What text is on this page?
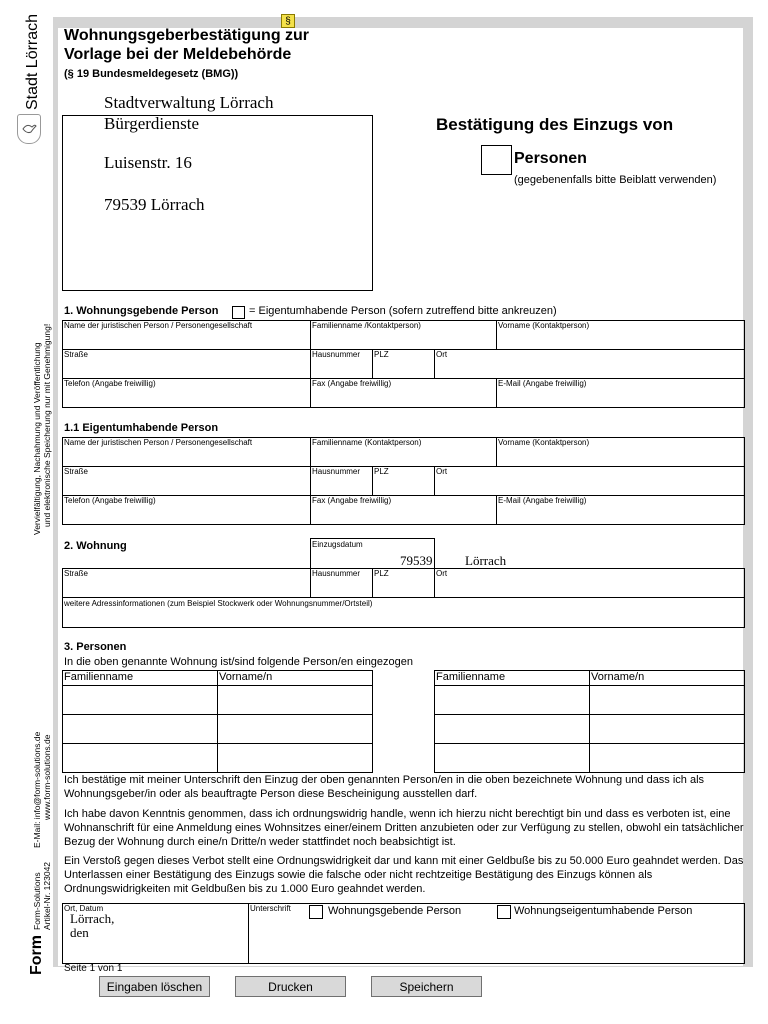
Stadt Lörrach
Vervielfältigung, Nachahmung und Veröffentlichung und elektronische Speicherung nur mit Genehmigung!
Form-Solutions Artikel-Nr. 123042
E-Mail: info@form-solutions.de www.form-solutions.de
Form
§
Wohnungsgeberbestätigung zur
Vorlage bei der Meldebehörde
(§ 19 Bundesmeldegesetz (BMG))
Stadtverwaltung Lörrach
Bürgerdienste
Luisenstr. 16
79539 Lörrach
Bestätigung des Einzugs von
Personen
(gegebenenfalls bitte Beiblatt verwenden)
1. Wohnungsgebende Person	= Eigentumhabende Person (sofern zutreffend bitte ankreuzen)
Name der juristischen Person / Personengesellschaft	Familienname /Kontaktperson)	Vorname (Kontaktperson)
Straße	Hausnummer PLZ	Ort
Telefon (Angabe freiwillig)	Fax (Angabe freiwillig)	E-Mail (Angabe freiwillig)
1.1 Eigentumhabende Person
Name der juristischen Person / Personengesellschaft	Familienname (Kontaktperson)	Vorname (Kontaktperson)
Straße	Hausnummer PLZ	Ort
Telefon (Angabe freiwillig)	Fax (Angabe freiwillig)	E-Mail (Angabe freiwillig)
2. Wohnung	Einzugsdatum
Straße	Hausnummer PLZ	Ort
79539	Lörrach
weitere Adressinformationen (zum Beispiel Stockwerk oder Wohnungsnummer/Ortsteil)
3. Personen
In die oben genannte Wohnung ist/sind folgende Person/en eingezogen
Familienname	Vorname/n	Familienname	Vorname/n
Ich bestätige mit meiner Unterschrift den Einzug der oben genannten Person/en in die oben bezeichnete Wohnung und dass ich als Wohnungsgeber/in oder als beauftragte Person diese Bescheinigung ausstellen darf.
Ich habe davon Kenntnis genommen, dass ich ordnungswidrig handle, wenn ich hierzu nicht berechtigt bin und dass es verboten ist, eine Wohnanschrift für eine Anmeldung eines Wohnsitzes einer/einem Dritten anzubieten oder zur Verfügung zu stellen, obwohl ein tatsächlicher Bezug der Wohnung durch eine/n Dritte/n weder stattfindet noch beabsichtigt ist.
Ein Verstoß gegen dieses Verbot stellt eine Ordnungswidrigkeit dar und kann mit einer Geldbuße bis zu 50.000 Euro geahndet werden. Das Unterlassen einer Bestätigung des Einzugs sowie die falsche oder nicht rechtzeitige Bestätigung des Einzugs können als Ordnungswidrigkeiten mit Geldbußen bis zu 1.000 Euro geahndet werden.
Ort, Datum
Lörrach,
den
Unterschrift	Wohnungsgebende Person	Wohnungseigentumhabende Person
Seite 1 von 1
Eingaben löschen	Drucken	Speichern
